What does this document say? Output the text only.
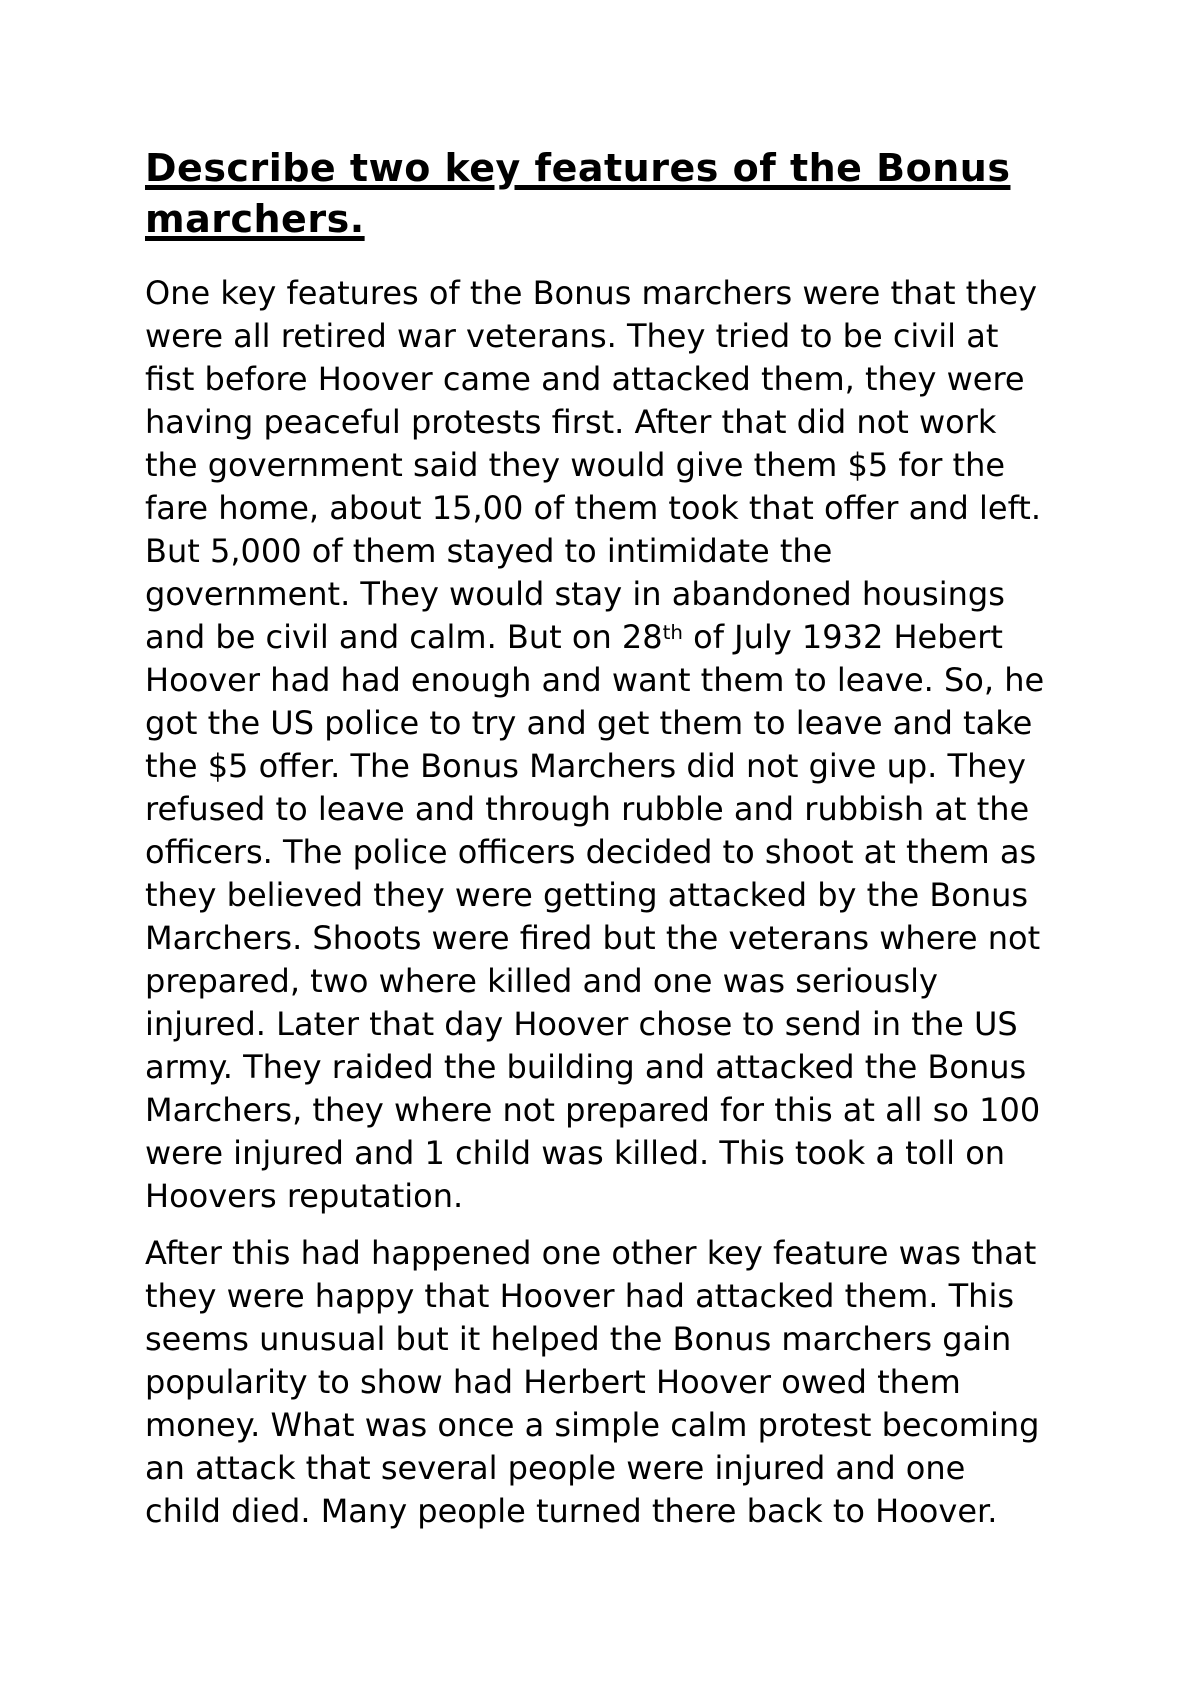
Describe two key features of the Bonus
marchers.

One key features of the Bonus marchers were that they
were all retired war veterans. They tried to be civil at
fist before Hoover came and attacked them, they were
having peaceful protests first. After that did not work
the government said they would give them $5 for the
fare home, about 15,00 of them took that offer and left.
But 5,000 of them stayed to intimidate the
government. They would stay in abandoned housings
and be civil and calm. But on 28th of July 1932 Hebert
Hoover had had enough and want them to leave. So, he
got the US police to try and get them to leave and take
the $5 offer. The Bonus Marchers did not give up. They
refused to leave and through rubble and rubbish at the
officers. The police officers decided to shoot at them as
they believed they were getting attacked by the Bonus
Marchers. Shoots were fired but the veterans where not
prepared, two where killed and one was seriously
injured. Later that day Hoover chose to send in the US
army. They raided the building and attacked the Bonus
Marchers, they where not prepared for this at all so 100
were injured and 1 child was killed. This took a toll on
Hoovers reputation.

After this had happened one other key feature was that
they were happy that Hoover had attacked them. This
seems unusual but it helped the Bonus marchers gain
popularity to show had Herbert Hoover owed them
money. What was once a simple calm protest becoming
an attack that several people were injured and one
child died. Many people turned there back to Hoover.
